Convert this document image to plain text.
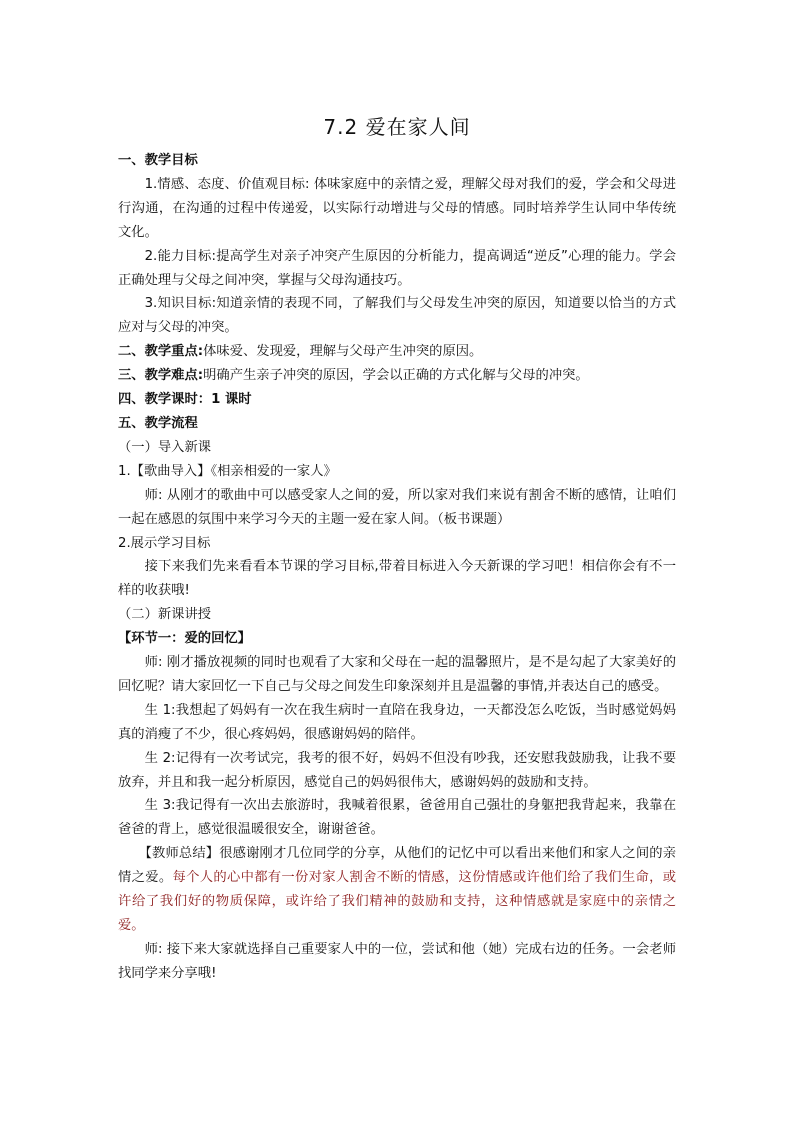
7.2 爱在家人间

一、教学目标

1.情感、态度、价值观目标: 体味家庭中的亲情之爱，理解父母对我们的爱，学会和父母进行沟通，在沟通的过程中传递爱，以实际行动增进与父母的情感。同时培养学生认同中华传统文化。

2.能力目标:提高学生对亲子冲突产生原因的分析能力，提高调适“逆反”心理的能力。学会正确处理与父母之间冲突，掌握与父母沟通技巧。

3.知识目标:知道亲情的表现不同，了解我们与父母发生冲突的原因，知道要以恰当的方式应对与父母的冲突。

二、教学重点:体味爱、发现爱，理解与父母产生冲突的原因。

三、教学难点:明确产生亲子冲突的原因，学会以正确的方式化解与父母的冲突。

四、教学课时：1 课时

五、教学流程

（一）导入新课

1.【歌曲导入】《相亲相爱的一家人》

师: 从刚才的歌曲中可以感受家人之间的爱，所以家对我们来说有割舍不断的感情，让咱们一起在感恩的氛围中来学习今天的主题一爱在家人间。（板书课题）

2.展示学习目标

接下来我们先来看看本节课的学习目标,带着目标进入今天新课的学习吧！相信你会有不一样的收获哦!

（二）新课讲授

【环节一：爱的回忆】

师: 刚才播放视频的同时也观看了大家和父母在一起的温馨照片，是不是勾起了大家美好的回忆呢？请大家回忆一下自己与父母之间发生印象深刻并且是温馨的事情,并表达自己的感受。

生 1:我想起了妈妈有一次在我生病时一直陪在我身边，一天都没怎么吃饭，当时感觉妈妈真的消瘦了不少，很心疼妈妈，很感谢妈妈的陪伴。

生 2:记得有一次考试完，我考的很不好，妈妈不但没有吵我，还安慰我鼓励我，让我不要放弃，并且和我一起分析原因，感觉自己的妈妈很伟大，感谢妈妈的鼓励和支持。

生 3:我记得有一次出去旅游时，我喊着很累，爸爸用自己强壮的身躯把我背起来，我靠在爸爸的背上，感觉很温暖很安全，谢谢爸爸。

【教师总结】很感谢刚才几位同学的分享，从他们的记忆中可以看出来他们和家人之间的亲情之爱。每个人的心中都有一份对家人割舍不断的情感，这份情感或许他们给了我们生命，或许给了我们好的物质保障，或许给了我们精神的鼓励和支持，这种情感就是家庭中的亲情之爱。

师: 接下来大家就选择自己重要家人中的一位，尝试和他（她）完成右边的任务。一会老师找同学来分享哦!
